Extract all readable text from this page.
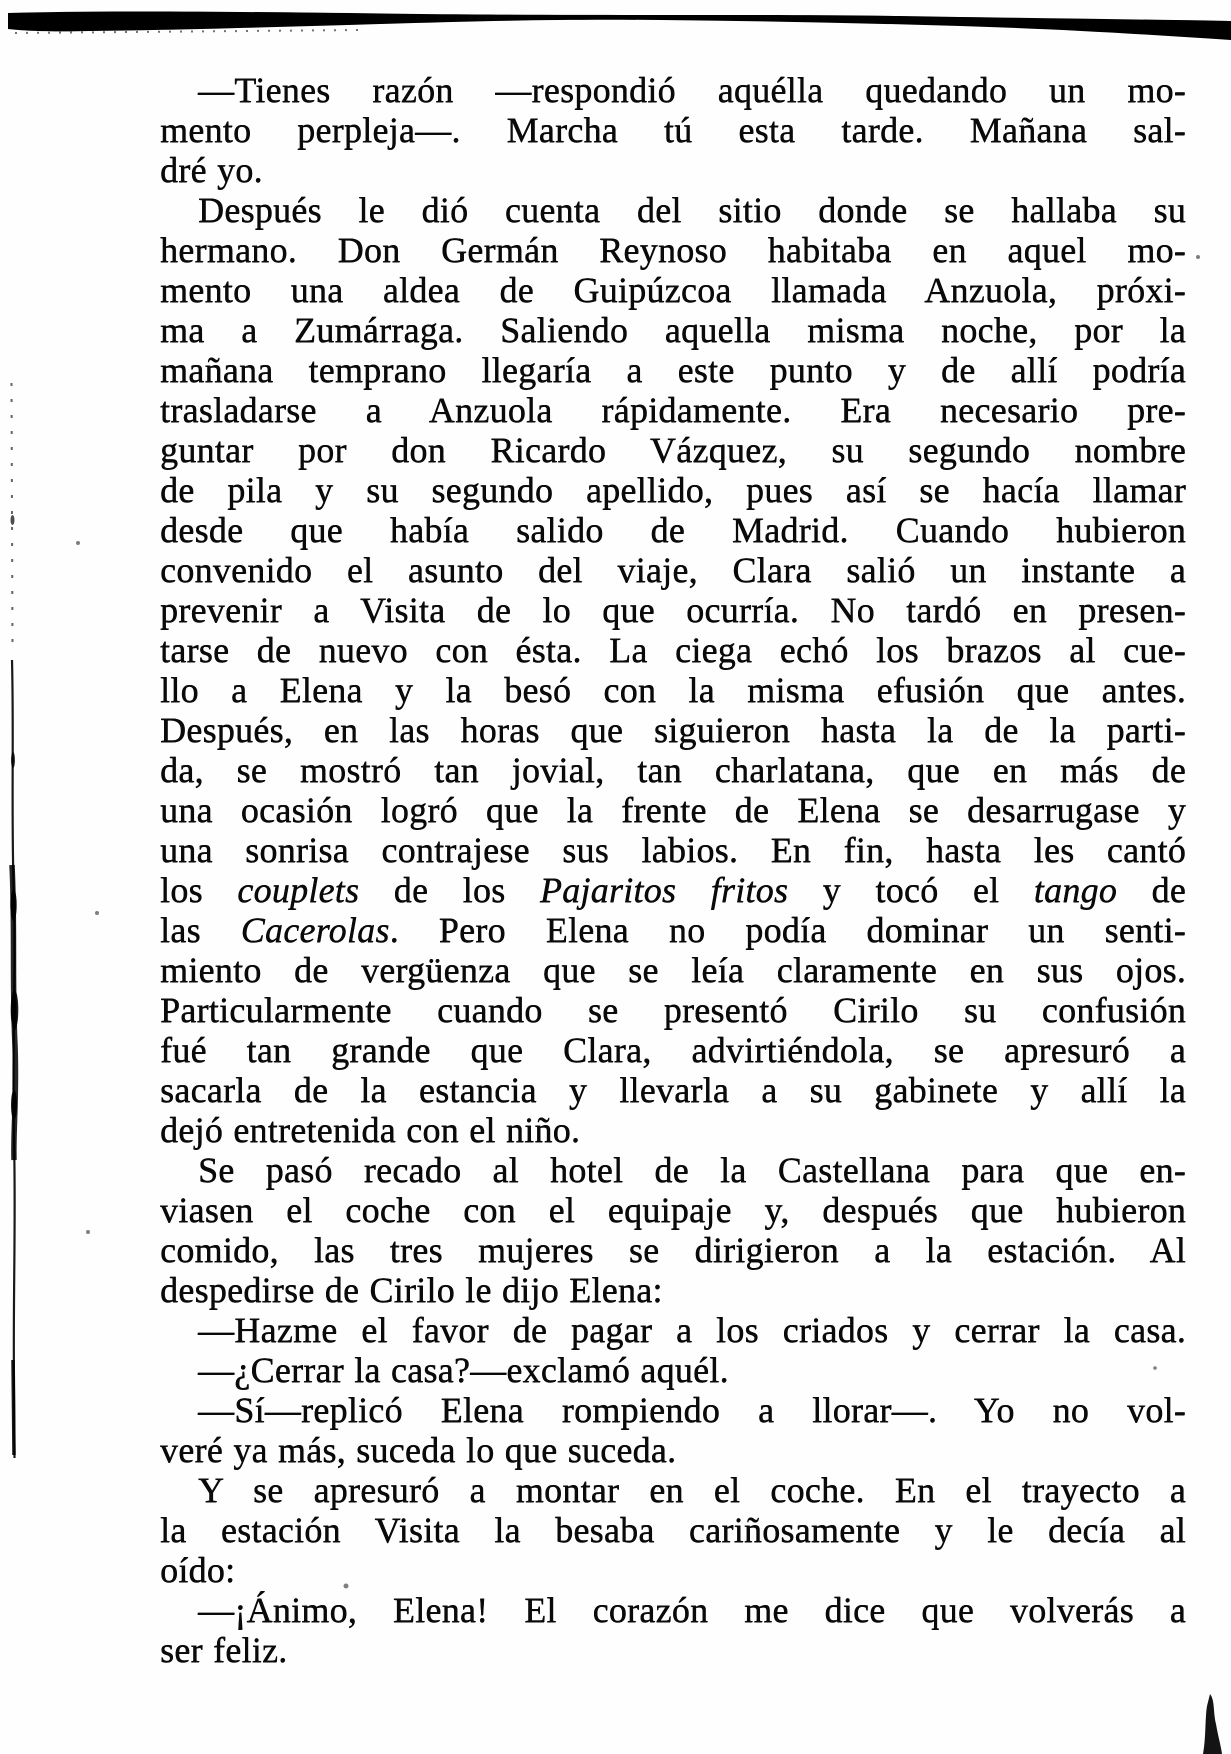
—Tienes razón —respondió aquélla quedando un mo-
mento perpleja—. Marcha tú esta tarde. Mañana sal-
dré yo.
Después le dió cuenta del sitio donde se hallaba su
hermano. Don Germán Reynoso habitaba en aquel mo-
mento una aldea de Guipúzcoa llamada Anzuola, próxi-
ma a Zumárraga. Saliendo aquella misma noche, por la
mañana temprano llegaría a este punto y de allí podría
trasladarse a Anzuola rápidamente. Era necesario pre-
guntar por don Ricardo Vázquez, su segundo nombre
de pila y su segundo apellido, pues así se hacía llamar
desde que había salido de Madrid. Cuando hubieron
convenido el asunto del viaje, Clara salió un instante a
prevenir a Visita de lo que ocurría. No tardó en presen-
tarse de nuevo con ésta. La ciega echó los brazos al cue-
llo a Elena y la besó con la misma efusión que antes.
Después, en las horas que siguieron hasta la de la parti-
da, se mostró tan jovial, tan charlatana, que en más de
una ocasión logró que la frente de Elena se desarrugase y
una sonrisa contrajese sus labios. En fin, hasta les cantó
los couplets de los Pajaritos fritos y tocó el tango de
las Cacerolas. Pero Elena no podía dominar un senti-
miento de vergüenza que se leía claramente en sus ojos.
Particularmente cuando se presentó Cirilo su confusión
fué tan grande que Clara, advirtiéndola, se apresuró a
sacarla de la estancia y llevarla a su gabinete y allí la
dejó entretenida con el niño.
Se pasó recado al hotel de la Castellana para que en-
viasen el coche con el equipaje y, después que hubieron
comido, las tres mujeres se dirigieron a la estación. Al
despedirse de Cirilo le dijo Elena:
—Hazme el favor de pagar a los criados y cerrar la casa.
—¿Cerrar la casa?—exclamó aquél.
—Sí—replicó Elena rompiendo a llorar—. Yo no vol-
veré ya más, suceda lo que suceda.
Y se apresuró a montar en el coche. En el trayecto a
la estación Visita la besaba cariñosamente y le decía al
oído:
—¡Ánimo, Elena! El corazón me dice que volverás a
ser feliz.
